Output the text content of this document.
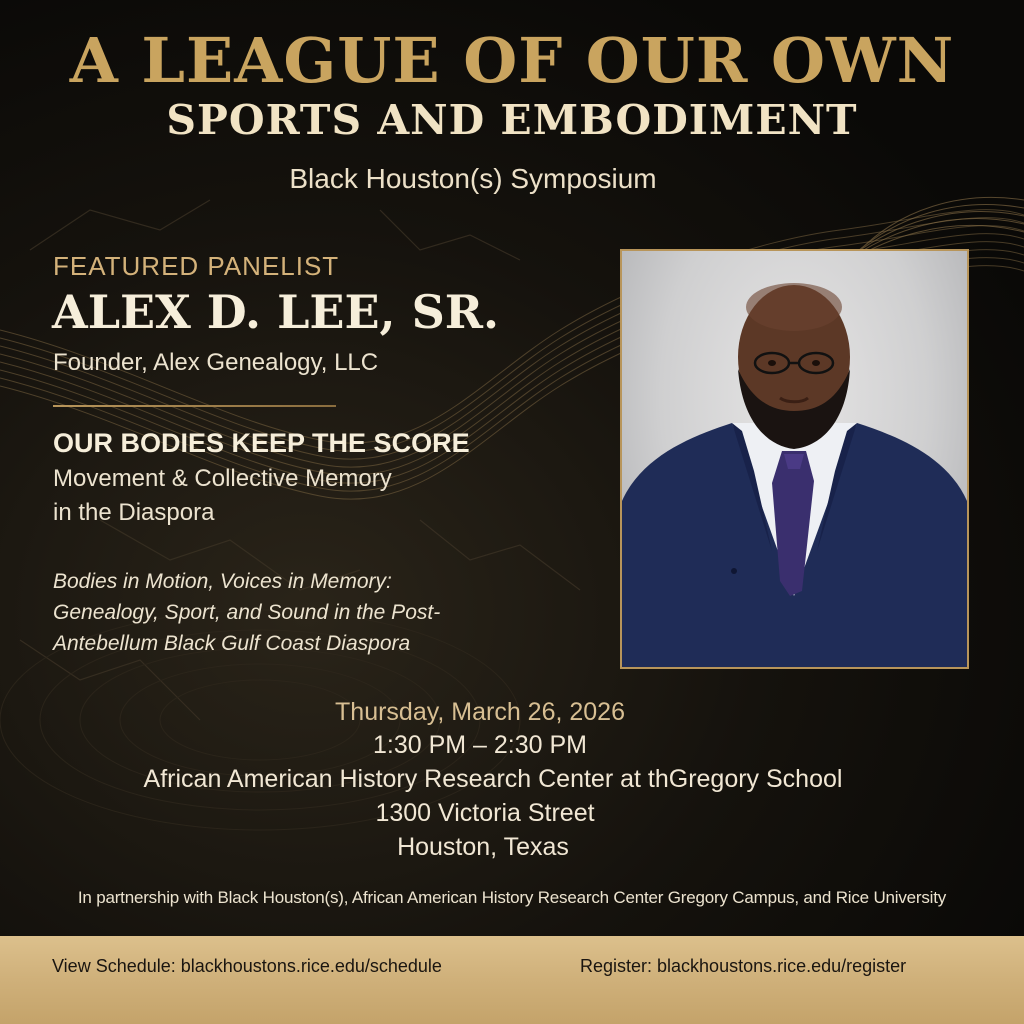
A LEAGUE OF OUR OWN
SPORTS AND EMBODIMENT
Black Houston(s) Symposium
FEATURED PANELIST
ALEX D. LEE, SR.
Founder, Alex Genealogy, LLC
OUR BODIES KEEP THE SCORE
Movement & Collective Memory
in the Diaspora
Bodies in Motion, Voices in Memory:
Genealogy, Sport, and Sound in the Post-
Antebellum Black Gulf Coast Diaspora
Thursday, March 26, 2026
1:30 PM – 2:30 PM
African American History Research Center at thGregory School
1300 Victoria Street
Houston, Texas
In partnership with Black Houston(s), African American History Research Center Gregory Campus, and Rice University
View Schedule: blackhoustons.rice.edu/schedule	Register: blackhoustons.rice.edu/register
